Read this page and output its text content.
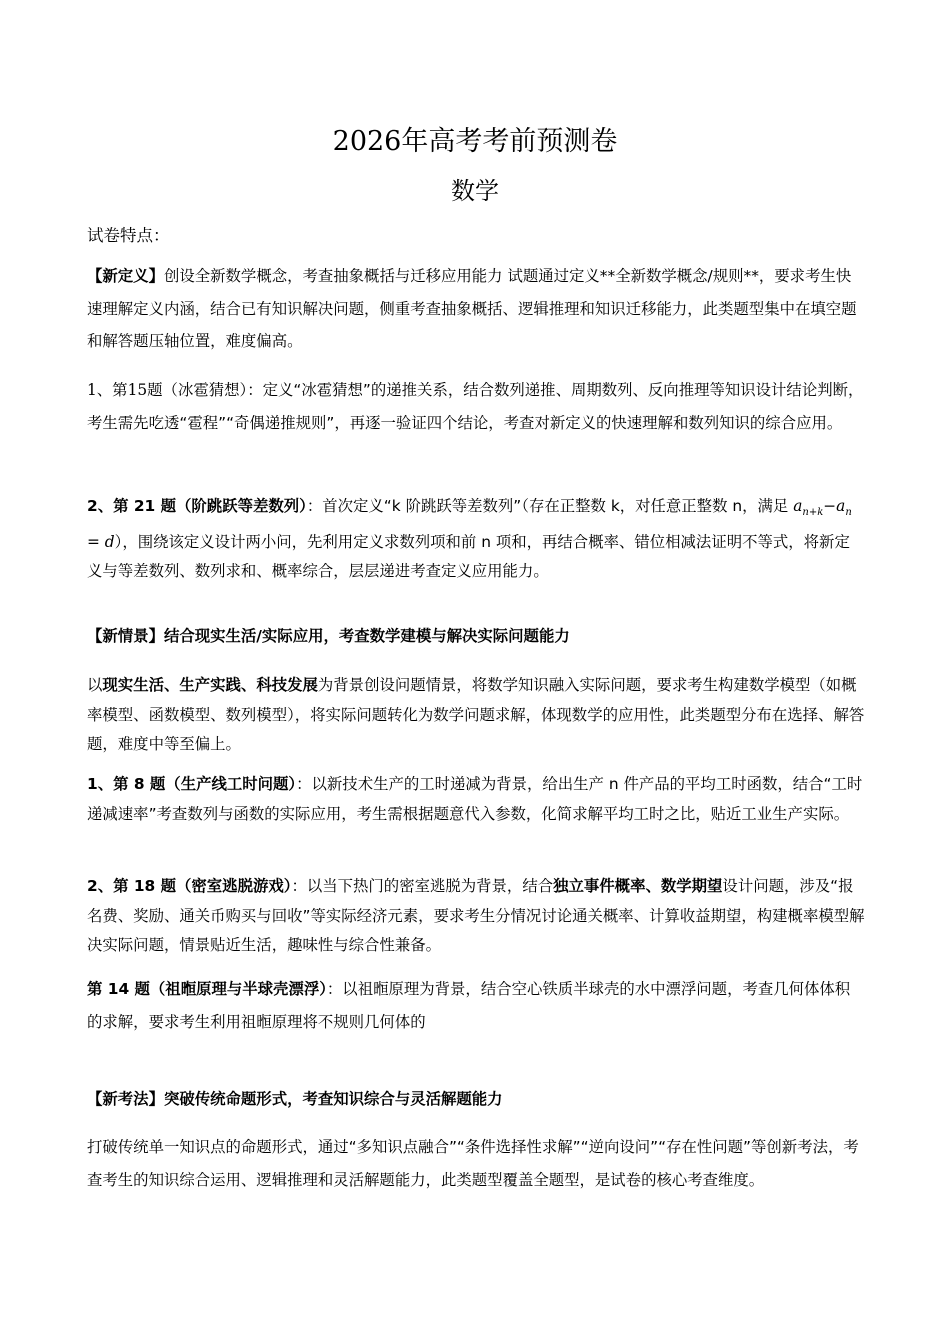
2026年高考考前预测卷
数学
试卷特点：

【新定义】创设全新数学概念，考查抽象概括与迁移应用能力 试题通过定义**全新数学概念/规则**，要求考生快速理解定义内涵，结合已有知识解决问题，侧重考查抽象概括、逻辑推理和知识迁移能力，此类题型集中在填空题和解答题压轴位置，难度偏高。

1、第15题（冰雹猜想）：定义“冰雹猜想”的递推关系，结合数列递推、周期数列、反向推理等知识设计结论判断，考生需先吃透“雹程”“奇偶递推规则”，再逐一验证四个结论，考查对新定义的快速理解和数列知识的综合应用。

2、第 21 题（阶跳跃等差数列）：首次定义“k 阶跳跃等差数列”（存在正整数 k，对任意正整数 n，满足 $a_{n+k}-a_n = d$），围绕该定义设计两小问，先利用定义求数列项和前 n 项和，再结合概率、错位相减法证明不等式，将新定义与等差数列、数列求和、概率综合，层层递进考查定义应用能力。

【新情景】结合现实生活/实际应用，考查数学建模与解决实际问题能力

以现实生活、生产实践、科技发展为背景创设问题情景，将数学知识融入实际问题，要求考生构建数学模型（如概率模型、函数模型、数列模型），将实际问题转化为数学问题求解，体现数学的应用性，此类题型分布在选择、解答题，难度中等至偏上。

1、第 8 题（生产线工时问题）：以新技术生产的工时递减为背景，给出生产 n 件产品的平均工时函数，结合“工时递减速率”考查数列与函数的实际应用，考生需根据题意代入参数，化简求解平均工时之比，贴近工业生产实际。

2、第 18 题（密室逃脱游戏）：以当下热门的密室逃脱为背景，结合独立事件概率、数学期望设计问题，涉及“报名费、奖励、通关币购买与回收”等实际经济元素，要求考生分情况讨论通关概率、计算收益期望，构建概率模型解决实际问题，情景贴近生活，趣味性与综合性兼备。

第 14 题（祖暅原理与半球壳漂浮）：以祖暅原理为背景，结合空心铁质半球壳的水中漂浮问题，考查几何体体积的求解，要求考生利用祖暅原理将不规则几何体的

【新考法】突破传统命题形式，考查知识综合与灵活解题能力

打破传统单一知识点的命题形式，通过“多知识点融合”“条件选择性求解”“逆向设问”“存在性问题”等创新考法，考查考生的知识综合运用、逻辑推理和灵活解题能力，此类题型覆盖全题型，是试卷的核心考查维度。
